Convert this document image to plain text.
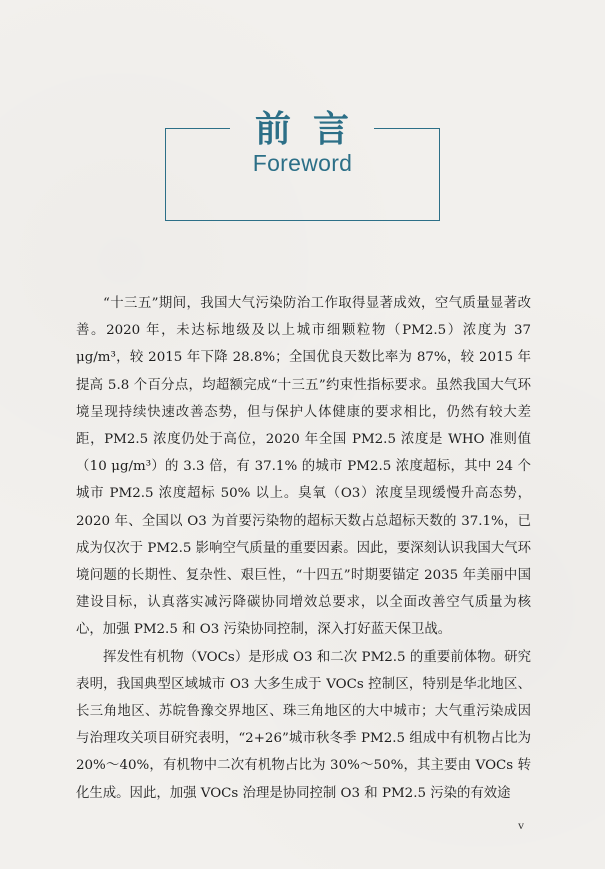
前言
Foreword

“十三五”期间，我国大气污染防治工作取得显著成效，空气质量显著改善。2020 年，未达标地级及以上城市细颗粒物（PM2.5）浓度为 37 μg/m³，较 2015 年下降 28.8%；全国优良天数比率为 87%，较 2015 年提高 5.8 个百分点，均超额完成“十三五”约束性指标要求。虽然我国大气环境呈现持续快速改善态势，但与保护人体健康的要求相比，仍然有较大差距，PM2.5 浓度仍处于高位，2020 年全国 PM2.5 浓度是 WHO 准则值（10 μg/m³）的 3.3 倍，有 37.1% 的城市 PM2.5 浓度超标，其中 24 个城市 PM2.5 浓度超标 50% 以上。臭氧（O3）浓度呈现缓慢升高态势，2020 年、全国以 O3 为首要污染物的超标天数占总超标天数的 37.1%，已成为仅次于 PM2.5 影响空气质量的重要因素。因此，要深刻认识我国大气环境问题的长期性、复杂性、艰巨性，“十四五”时期要锚定 2035 年美丽中国建设目标，认真落实减污降碳协同增效总要求，以全面改善空气质量为核心，加强 PM2.5 和 O3 污染协同控制，深入打好蓝天保卫战。

挥发性有机物（VOCs）是形成 O3 和二次 PM2.5 的重要前体物。研究表明，我国典型区域城市 O3 大多生成于 VOCs 控制区，特别是华北地区、长三角地区、苏皖鲁豫交界地区、珠三角地区的大中城市；大气重污染成因与治理攻关项目研究表明，“2+26”城市秋冬季 PM2.5 组成中有机物占比为 20%～40%，有机物中二次有机物占比为 30%～50%，其主要由 VOCs 转化生成。因此，加强 VOCs 治理是协同控制 O3 和 PM2.5 污染的有效途

v
